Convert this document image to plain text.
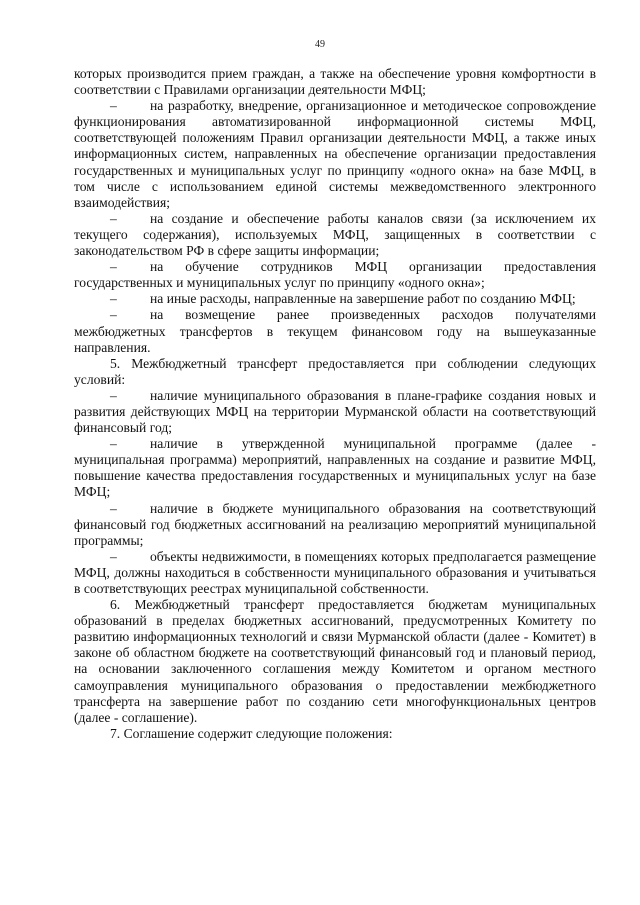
49

которых производится прием граждан, а также на обеспечение уровня комфортности в соответствии с Правилами организации деятельности МФЦ;

– на разработку, внедрение, организационное и методическое сопровождение функционирования автоматизированной информационной системы МФЦ, соответствующей положениям Правил организации деятельности МФЦ, а также иных информационных систем, направленных на обеспечение организации предоставления государственных и муниципальных услуг по принципу «одного окна» на базе МФЦ, в том числе с использованием единой системы межведомственного электронного взаимодействия;

– на создание и обеспечение работы каналов связи (за исключением их текущего содержания), используемых МФЦ, защищенных в соответствии с законодательством РФ в сфере защиты информации;

– на обучение сотрудников МФЦ организации предоставления государственных и муниципальных услуг по принципу «одного окна»;

– на иные расходы, направленные на завершение работ по созданию МФЦ;

– на возмещение ранее произведенных расходов получателями межбюджетных трансфертов в текущем финансовом году на вышеуказанные направления.

5. Межбюджетный трансферт предоставляется при соблюдении следующих условий:

– наличие муниципального образования в плане-графике создания новых и развития действующих МФЦ на территории Мурманской области на соответствующий финансовый год;

– наличие в утвержденной муниципальной программе (далее - муниципальная программа) мероприятий, направленных на создание и развитие МФЦ, повышение качества предоставления государственных и муниципальных услуг на базе МФЦ;

– наличие в бюджете муниципального образования на соответствующий финансовый год бюджетных ассигнований на реализацию мероприятий муниципальной программы;

– объекты недвижимости, в помещениях которых предполагается размещение МФЦ, должны находиться в собственности муниципального образования и учитываться в соответствующих реестрах муниципальной собственности.

6. Межбюджетный трансферт предоставляется бюджетам муниципальных образований в пределах бюджетных ассигнований, предусмотренных Комитету по развитию информационных технологий и связи Мурманской области (далее - Комитет) в законе об областном бюджете на соответствующий финансовый год и плановый период, на основании заключенного соглашения между Комитетом и органом местного самоуправления муниципального образования о предоставлении межбюджетного трансферта на завершение работ по созданию сети многофункциональных центров (далее - соглашение).

7. Соглашение содержит следующие положения:
